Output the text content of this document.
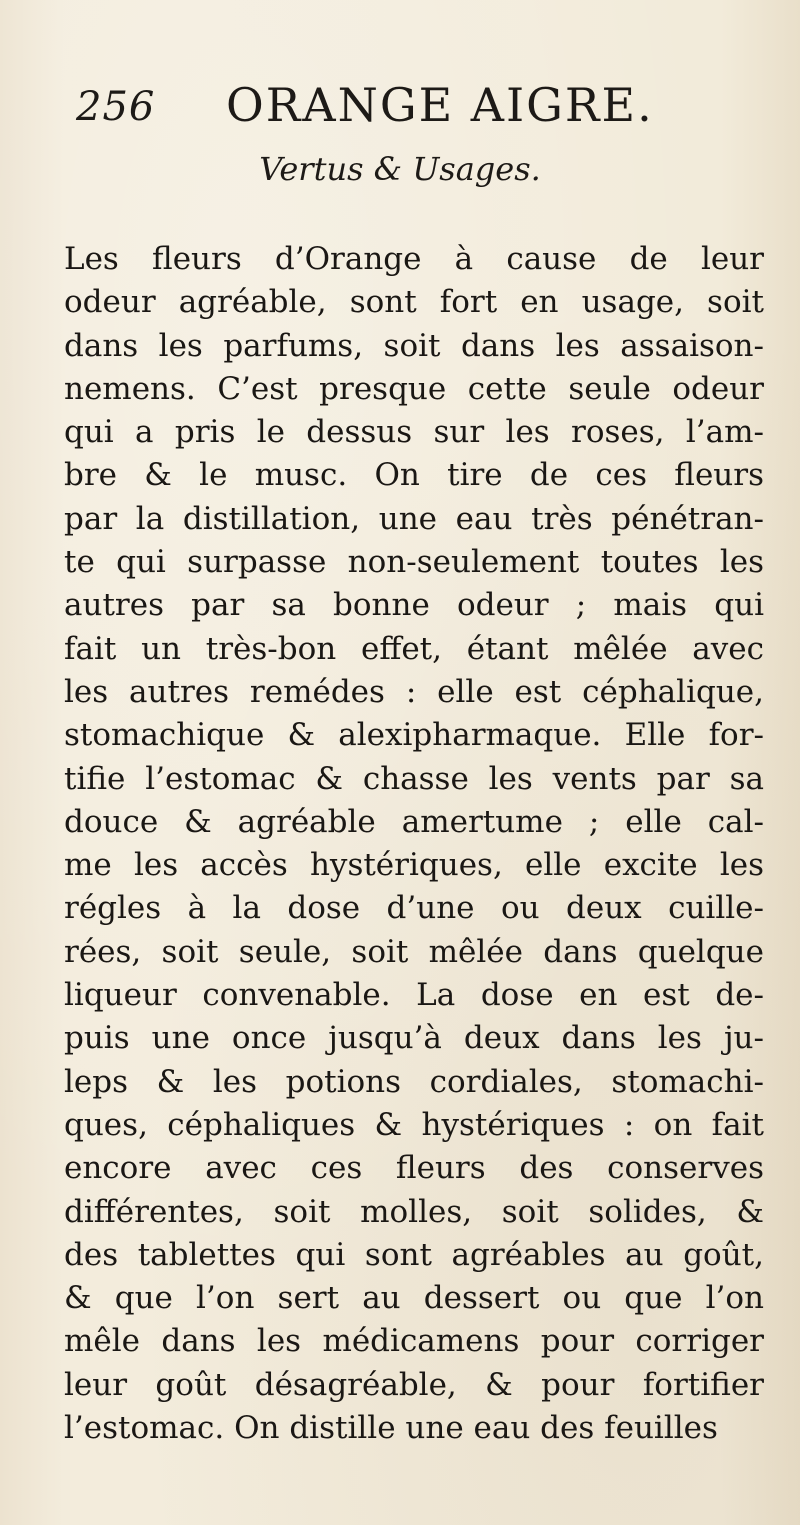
256 ORANGE AIGRE.
Vertus & Usages.
Les fleurs d’Orange à cause de leur
odeur agréable, sont fort en usage, soit
dans les parfums, soit dans les assaison-
nemens. C’est presque cette seule odeur
qui a pris le dessus sur les roses, l’am-
bre & le musc. On tire de ces fleurs
par la distillation, une eau très pénétran-
te qui surpasse non-seulement toutes les
autres par sa bonne odeur ; mais qui
fait un très-bon effet, étant mêlée avec
les autres remédes : elle est céphalique,
stomachique & alexipharmaque. Elle for-
tifie l’estomac & chasse les vents par sa
douce & agréable amertume ; elle cal-
me les accès hystériques, elle excite les
régles à la dose d’une ou deux cuille-
rées, soit seule, soit mêlée dans quelque
liqueur convenable. La dose en est de-
puis une once jusqu’à deux dans les ju-
leps & les potions cordiales, stomachi-
ques, céphaliques & hystériques : on fait
encore avec ces fleurs des conserves
différentes, soit molles, soit solides, &
des tablettes qui sont agréables au goût,
& que l’on sert au dessert ou que l’on
mêle dans les médicamens pour corriger
leur goût désagréable, & pour fortifier
l’estomac. On distille une eau des feuilles
